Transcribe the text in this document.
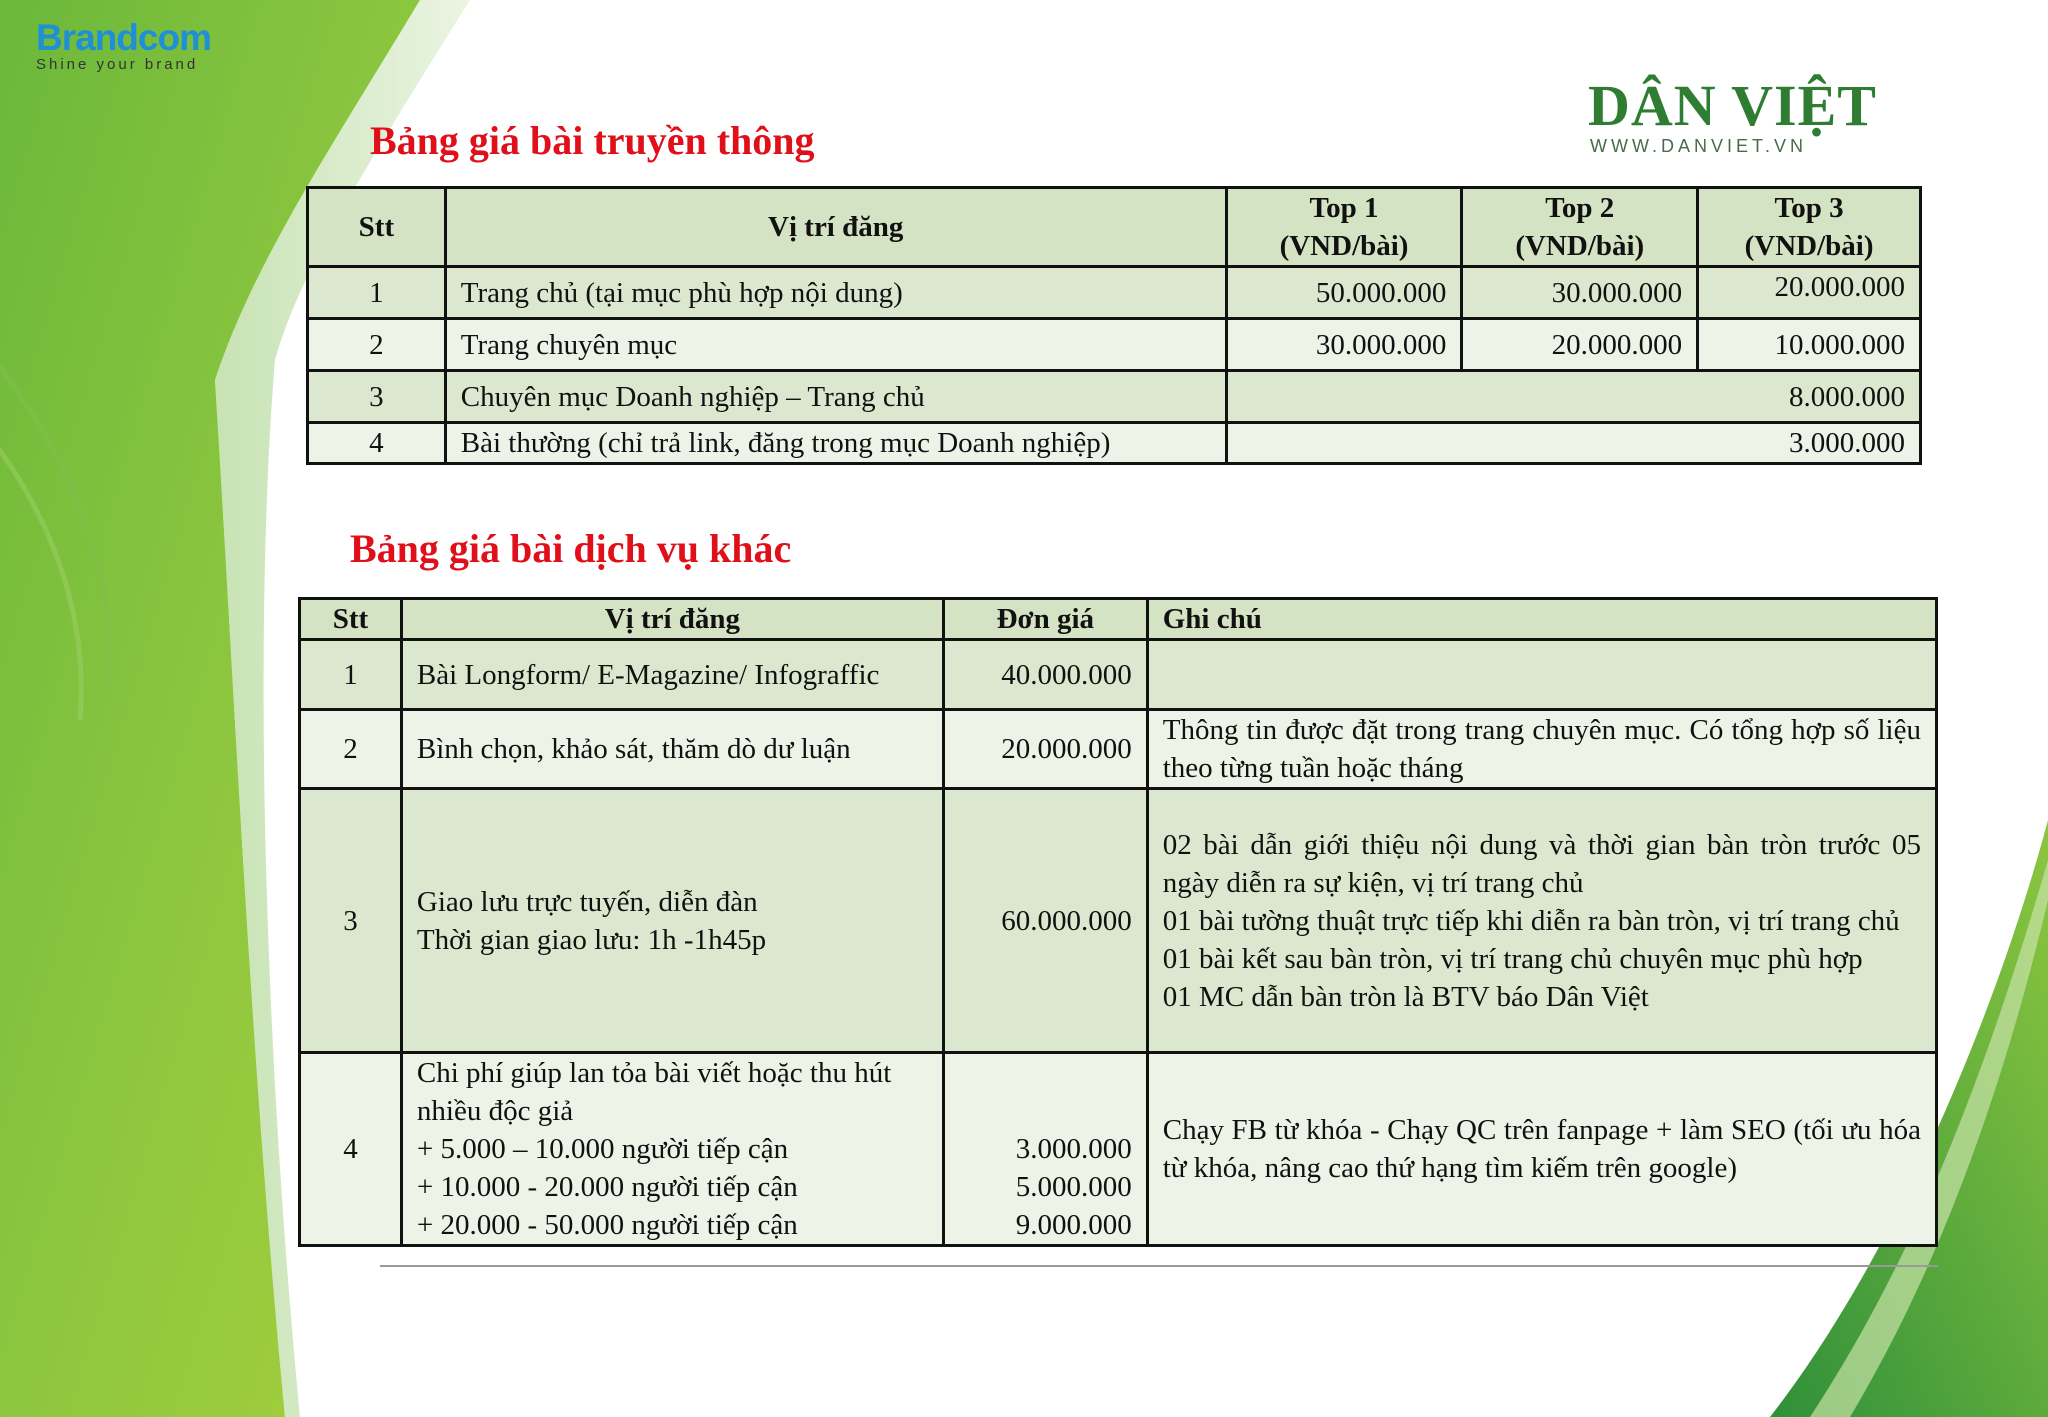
Brandcom
Shine your brand
DÂN VIỆT
WWW.DANVIET.VN
Bảng giá bài truyền thông
Stt	Vị trí đăng	Top 1
(VND/bài)	Top 2
(VND/bài)	Top 3
(VND/bài)

1	Trang chủ (tại mục phù hợp nội dung)	50.000.000	30.000.000	20.000.000
2	Trang chuyên mục	30.000.000	20.000.000	10.000.000
3	Chuyên mục Doanh nghiệp – Trang chủ	8.000.000		
4	Bài thường (chỉ trả link, đăng trong mục Doanh nghiệp)	3.000.000		
Bảng giá bài dịch vụ khác
Stt	Vị trí đăng	Đơn giá	Ghi chú
1	Bài Longform/ E-Magazine/ Infograffic	40.000.000	
2	Bình chọn, khảo sát, thăm dò dư luận	20.000.000	Thông tin được đặt trong trang chuyên mục. Có tổng hợp số liệu theo từng tuần hoặc tháng
3	Giao lưu trực tuyến, diễn đàn
Thời gian giao lưu: 1h -1h45p	60.000.000	02 bài dẫn giới thiệu nội dung và thời gian bàn tròn trước 05 ngày diễn ra sự kiện, vị trí trang chủ
01 bài tường thuật trực tiếp khi diễn ra bàn tròn, vị trí trang chủ
01 bài kết sau bàn tròn, vị trí trang chủ chuyên mục phù hợp
01 MC dẫn bàn tròn là BTV báo Dân Việt

4	Chi phí giúp lan tỏa bài viết hoặc thu hút nhiều độc giả
+ 5.000 – 10.000 người tiếp cận
+ 10.000 - 20.000 người tiếp cận
+ 20.000 - 50.000 người tiếp cận	3.000.000
5.000.000
9.000.000	Chạy FB từ khóa - Chạy QC trên fanpage + làm SEO (tối ưu hóa từ khóa, nâng cao thứ hạng tìm kiếm trên google)
